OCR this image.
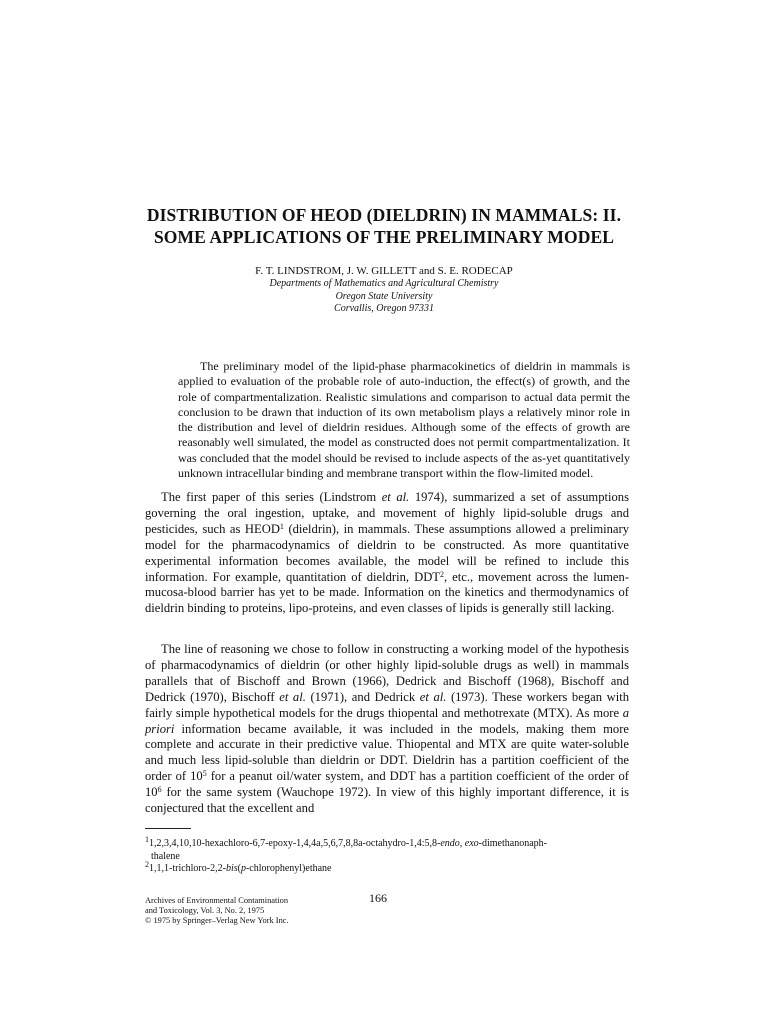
DISTRIBUTION OF HEOD (DIELDRIN) IN MAMMALS: II.
SOME APPLICATIONS OF THE PRELIMINARY MODEL
F. T. LINDSTROM, J. W. GILLETT and S. E. RODECAP
Departments of Mathematics and Agricultural Chemistry
Oregon State University
Corvallis, Oregon 97331
The preliminary model of the lipid-phase pharmacokinetics of dieldrin in mammals is applied to evaluation of the probable role of auto-induction, the effect(s) of growth, and the role of compartmentalization. Realistic simulations and comparison to actual data permit the conclusion to be drawn that induction of its own metabolism plays a relatively minor role in the distribution and level of dieldrin residues. Although some of the effects of growth are reasonably well simulated, the model as constructed does not permit compartmentalization. It was concluded that the model should be revised to include aspects of the as-yet quantitatively unknown intracellular binding and membrane transport within the flow-limited model.
The first paper of this series (Lindstrom et al. 1974), summarized a set of assumptions governing the oral ingestion, uptake, and movement of highly lipid-soluble drugs and pesticides, such as HEOD$^1$ (dieldrin), in mammals. These assumptions allowed a preliminary model for the pharmacodynamics of dieldrin to be constructed. As more quantitative experimental information becomes available, the model will be refined to include this information. For example, quantitation of dieldrin, DDT$^2$, etc., movement across the lumen-mucosa-blood barrier has yet to be made. Information on the kinetics and thermodynamics of dieldrin binding to proteins, lipo-proteins, and even classes of lipids is generally still lacking.
The line of reasoning we chose to follow in constructing a working model of the hypothesis of pharmacodynamics of dieldrin (or other highly lipid-soluble drugs as well) in mammals parallels that of Bischoff and Brown (1966), Dedrick and Bischoff (1968), Bischoff and Dedrick (1970), Bischoff et al. (1971), and Dedrick et al. (1973). These workers began with fairly simple hypothetical models for the drugs thiopental and methotrexate (MTX). As more a priori information became available, it was included in the models, making them more complete and accurate in their predictive value. Thiopental and MTX are quite water-soluble and much less lipid-soluble than dieldrin or DDT. Dieldrin has a partition coefficient of the order of $10^5$ for a peanut oil/water system, and DDT has a partition coefficient of the order of $10^6$ for the same system (Wauchope 1972). In view of this highly important difference, it is conjectured that the excellent and
$^1$1,2,3,4,10,10-hexachloro-6,7-epoxy-1,4,4a,5,6,7,8,8a-octahydro-1,4:5,8-endo, exo-dimethanonaph-
thalene
$^2$1,1,1-trichloro-2,2-bis(p-chlorophenyl)ethane
Archives of Environmental Contamination
and Toxicology, Vol. 3, No. 2, 1975
© 1975 by Springer–Verlag New York Inc.
166
